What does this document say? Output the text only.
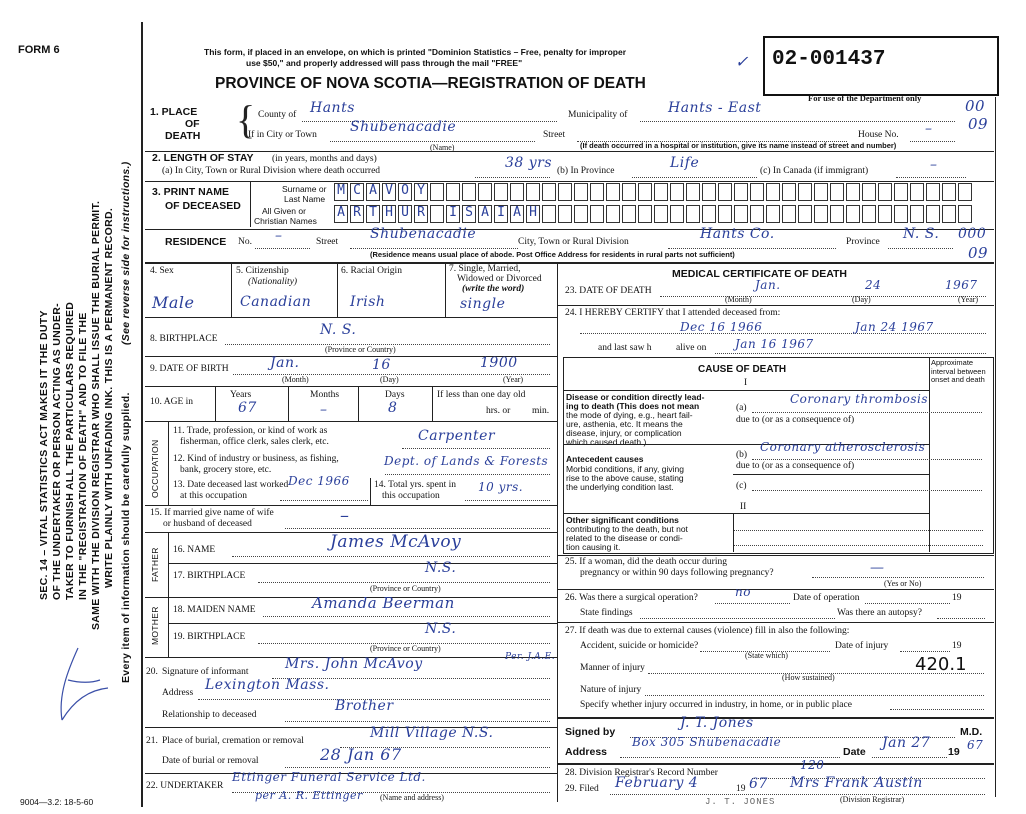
FORM 6	This form, if placed in an envelope, on which is printed "Dominion Statistics – Free, penalty for improper
use $50," and properly addressed will pass through the mail "FREE"
PROVINCE OF NOVA SCOTIA—REGISTRATION OF DEATH
✓ 02-001437
For use of the Department only
SEC. 14 – VITAL STATISTICS ACT MAKES IT THE DUTY OF THE UNDERTAKER OR PERSON ACTING AS UNDER- TAKER TO FURNISH ALL THE PARTICULARS REQUIRED IN THE "REGISTRATION OF DEATH" AND TO FILE THE SAME WITH THE DIVISION REGISTRAR WHO SHALL ISSUE THE BURIAL PERMIT. WRITE PLAINLY WITH UNFADING INK. THIS IS A PERMANENT RECORD. (See reverse side for instructions.)
Every item of information should be carefully supplied.
1. PLACE
OF
DEATH { County of Hants	Municipality of	Hants - East	00
If in City or Town Shubenacadie
(Name)
Street	House No. – 09
(If death occurred in a hospital or institution, give its name instead of street and number)
2. LENGTH OF STAY (in years, months and days)
(a) In City, Town or Rural Division where death occurred	38 yrs (b) In Province	Life	(c) In Canada (if immigrant)	–
3. PRINT NAME
OF DECEASED
Surname or
Last Name
All Given or
Christian Names
M C A V O Y
A R T H U R I S A I A H
RESIDENCE No. –	Street Shubenacadie	City, Town or Rural Division	Hants Co.	Province N. S. 000
09
(Residence means usual place of abode. Post Office Address for residents in rural parts not sufficient)
4. Sex	5. Citizenship
(Nationality)
6. Racial Origin	7. Single, Married,
Widowed or Divorced
(write the word)
Male	Canadian	Irish	single
8. BIRTHPLACE
N. S.
(Province or Country)
9. DATE OF BIRTH	Jan.	16	1900
(Month)	(Day)	(Year)
10. AGE in
Years
67
Months
–
Days
8
If less than one day old
hrs. or min.
OCCUPATION
11. Trade, profession, or kind of work as
fisherman, office clerk, sales clerk, etc.	Carpenter
12. Kind of industry or business, as fishing,
bank, grocery store, etc.
Dept. of Lands & Forests
13. Date deceased last worked
at this occupation
Dec 1966	14. Total yrs. spent in
this occupation
10 yrs.
15. If married give name of wife
or husband of deceased	–
FATHER 16. NAME	James McAvoy
17. BIRTHPLACE	N.S.
(Province or Country)
MOTHER 18. MAIDEN NAME	Amanda Beerman
19. BIRTHPLACE	N.S.
(Province or Country)
20. Signature of informant	Mrs. John McAvoy	Per. J.A.E.
Address Lexington Mass.
Relationship to deceased
Brother
21. Place of burial, cremation or removal	Mill Village N.S.
Date of burial or removal	28 Jan 67
22. UNDERTAKER
Ettinger Funeral Service Ltd.
per A. R. Ettinger (Name and address)
MEDICAL CERTIFICATE OF DEATH
23. DATE OF DEATH	Jan.	24	1967
(Month)	(Day)	(Year)
24. I HEREBY CERTIFY that I attended deceased from:
Dec 16 1966	Jan 24 1967
and last saw h	alive on Jan 16 1967
CAUSE OF DEATH
Approximate interval between onset and death
I
Disease or condition directly lead-
ing to death (This does not mean
the mode of dying, e.g., heart fail-
ure, asthenia, etc. It means the
disease, injury, or complication
which caused death.)
(a)
Coronary thrombosis
due to (or as a consequence of)
Antecedent causes
Morbid conditions, if any, giving
rise to the above cause, stating
the underlying condition last.
(b)
Coronary atherosclerosis
due to (or as a consequence of)
(c)
II
Other significant conditions
contributing to the death, but not
related to the disease or condi-
tion causing it.
25. If a woman, did the death occur during
pregnancy or within 90 days following pregnancy?	—
(Yes or No)
26. Was there a surgical operation?	no	Date of operation	19
State findings	Was there an autopsy?
27. If death was due to external causes (violence) fill in also the following:
Accident, suicide or homicide?
(State which)
Date of injury	19
Manner of injury	420.1
(How sustained)
Nature of injury
Specify whether injury occurred in industry, in home, or in public place
Signed by
J. T. Jones
M.D.
Address
Box 305 Shubenacadie
Date
Jan 27
19 67
28. Division Registrar's Record Number
120
29. Filed February 4	19 67 Mrs Frank Austin
(Division Registrar)
J. T. JONES
9004—3.2: 18-5-60
